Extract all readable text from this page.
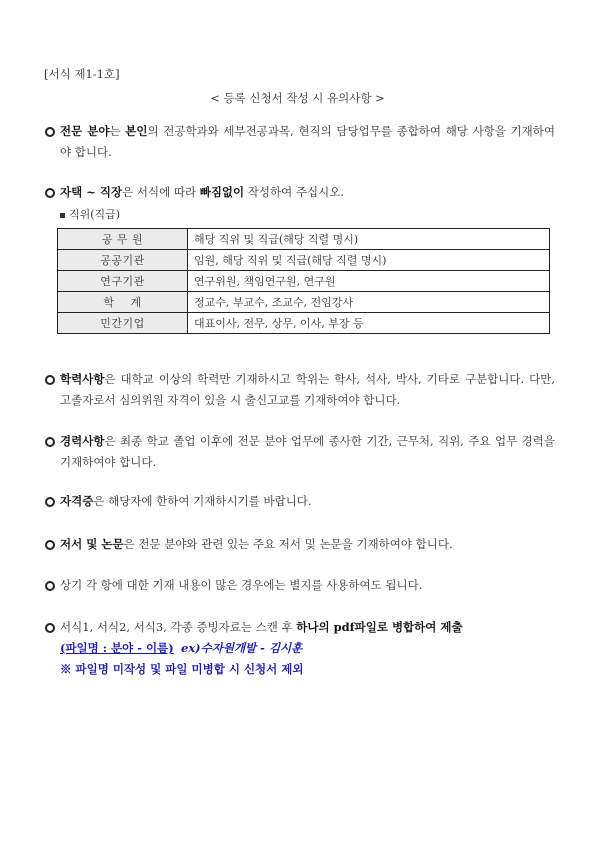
[서식 제1-1호]
< 등록 신청서 작성 시 유의사항 >
전문 분야는 본인의 전공학과와 세부전공과목, 현직의 담당업무를 종합하여 해당 사항을 기재하여야 합니다.
자택 ~ 직장은 서식에 따라 빠짐없이 작성하여 주십시오.
직위(직급)
공 무 원	해당 직위 및 직급(해당 직렬 명시)
공공기관	임원, 해당 직위 및 직급(해당 직렬 명시)
연구기관	연구위원, 책임연구원, 연구원
학    계	정교수, 부교수, 조교수, 전임강사
민간기업	대표이사, 전무, 상무, 이사, 부장 등
학력사항은 대학교 이상의 학력만 기재하시고 학위는 학사, 석사, 박사, 기타로 구분합니다. 다만, 고졸자로서 심의위원 자격이 있을 시 출신고교를 기재하여야 합니다.
경력사항은 최종 학교 졸업 이후에 전문 분야 업무에 종사한 기간, 근무처, 직위, 주요 업무 경력을 기재하여야 합니다.
자격증은 해당자에 한하여 기재하시기를 바랍니다.
저서 및 논문은 전문 분야와 관련 있는 주요 저서 및 논문을 기재하여야 합니다.
상기 각 항에 대한 기재 내용이 많은 경우에는 별지를 사용하여도 됩니다.
서식1, 서식2, 서식3, 각종 증빙자료는 스캔 후 하나의 pdf파일로 병합하여 제출
(파일명 : 분야 - 이름) ex)수자원개발 - 김시훈
※ 파일명 미작성 및 파일 미병합 시 신청서 제외
